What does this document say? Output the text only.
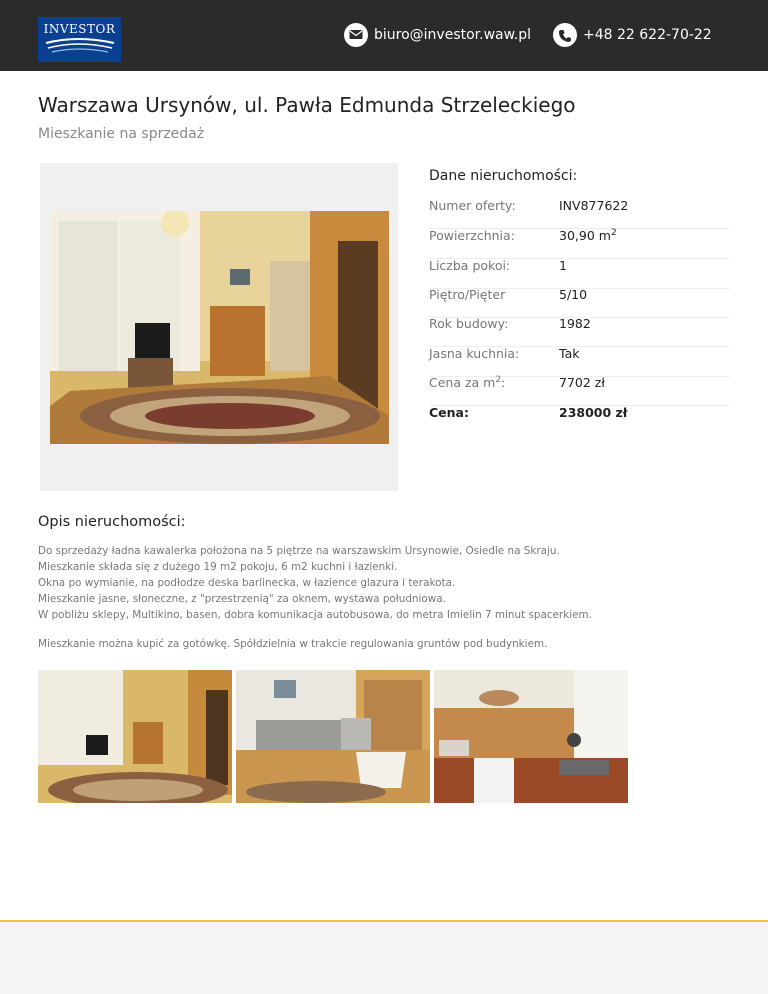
INVESTOR	biuro@investor.waw.pl	+48 22 622-70-22
Warszawa Ursynów, ul. Pawła Edmunda Strzeleckiego
Mieszkanie na sprzedaż
Dane nieruchomości:
Numer oferty:	INV877622
Powierzchnia:	30,90 $m^2$
Liczba pokoi:	1
Piętro/Pięter	5/10
Rok budowy:	1982
Jasna kuchnia:	Tak
Cena za $m^2$:	7702 zł
Cena:	238000 zł
Opis nieruchomości:

Do sprzedaży ładna kawalerka położona na 5 piętrze na warszawskim Ursynowie, Osiedle na Skraju.

Mieszkanie składa się z dużego 19 m2 pokoju, 6 m2 kuchni i łazienki.

Okna po wymianie, na podłodze deska barlinecka, w łazience glazura i terakota.

Mieszkanie jasne, słoneczne, z "przestrzenią" za oknem, wystawa południowa.

W pobliżu sklepy, Multikino, basen, dobra komunikacja autobusowa, do metra Imielin 7 minut spacerkiem.

Mieszkanie można kupić za gotówkę. Spółdzielnia w trakcie regulowania gruntów pod budynkiem.
